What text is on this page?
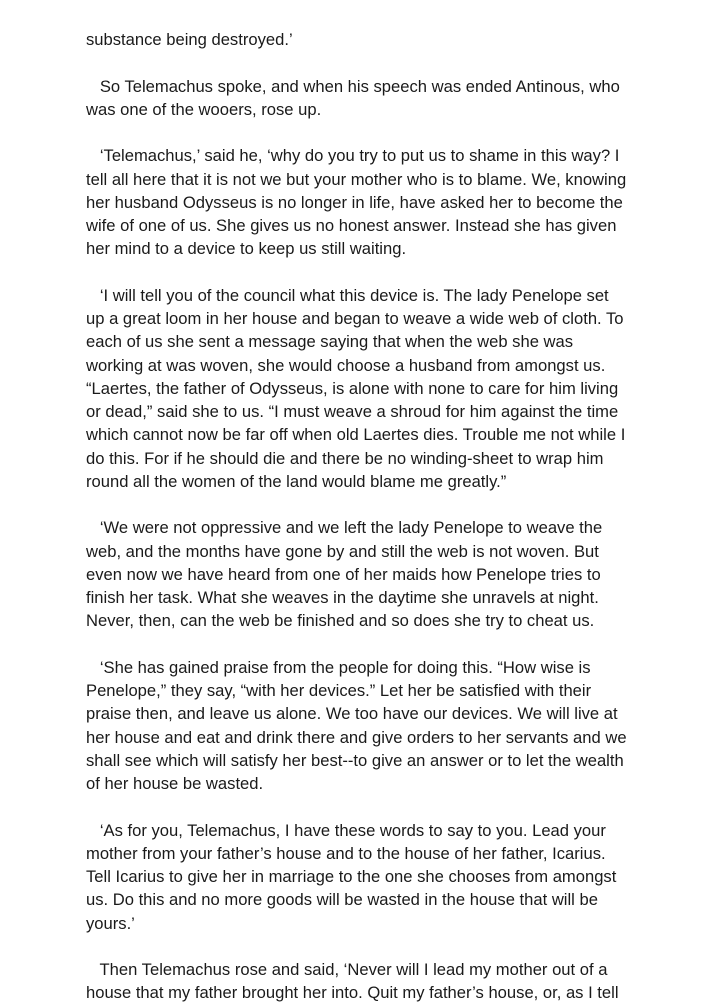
substance being destroyed.’
So Telemachus spoke, and when his speech was ended Antinous, who
was one of the wooers, rose up.
‘Telemachus,’ said he, ‘why do you try to put us to shame in this way? I
tell all here that it is not we but your mother who is to blame. We, knowing
her husband Odysseus is no longer in life, have asked her to become the
wife of one of us. She gives us no honest answer. Instead she has given
her mind to a device to keep us still waiting.
‘I will tell you of the council what this device is. The lady Penelope set
up a great loom in her house and began to weave a wide web of cloth. To
each of us she sent a message saying that when the web she was
working at was woven, she would choose a husband from amongst us.
“Laertes, the father of Odysseus, is alone with none to care for him living
or dead,” said she to us. “I must weave a shroud for him against the time
which cannot now be far off when old Laertes dies. Trouble me not while I
do this. For if he should die and there be no winding-sheet to wrap him
round all the women of the land would blame me greatly.”
‘We were not oppressive and we left the lady Penelope to weave the
web, and the months have gone by and still the web is not woven. But
even now we have heard from one of her maids how Penelope tries to
finish her task. What she weaves in the daytime she unravels at night.
Never, then, can the web be finished and so does she try to cheat us.
‘She has gained praise from the people for doing this. “How wise is
Penelope,” they say, “with her devices.” Let her be satisfied with their
praise then, and leave us alone. We too have our devices. We will live at
her house and eat and drink there and give orders to her servants and we
shall see which will satisfy her best--to give an answer or to let the wealth
of her house be wasted.
‘As for you, Telemachus, I have these words to say to you. Lead your
mother from your father’s house and to the house of her father, Icarius.
Tell Icarius to give her in marriage to the one she chooses from amongst
us. Do this and no more goods will be wasted in the house that will be
yours.’
Then Telemachus rose and said, ‘Never will I lead my mother out of a
house that my father brought her into. Quit my father’s house, or, as I tell
